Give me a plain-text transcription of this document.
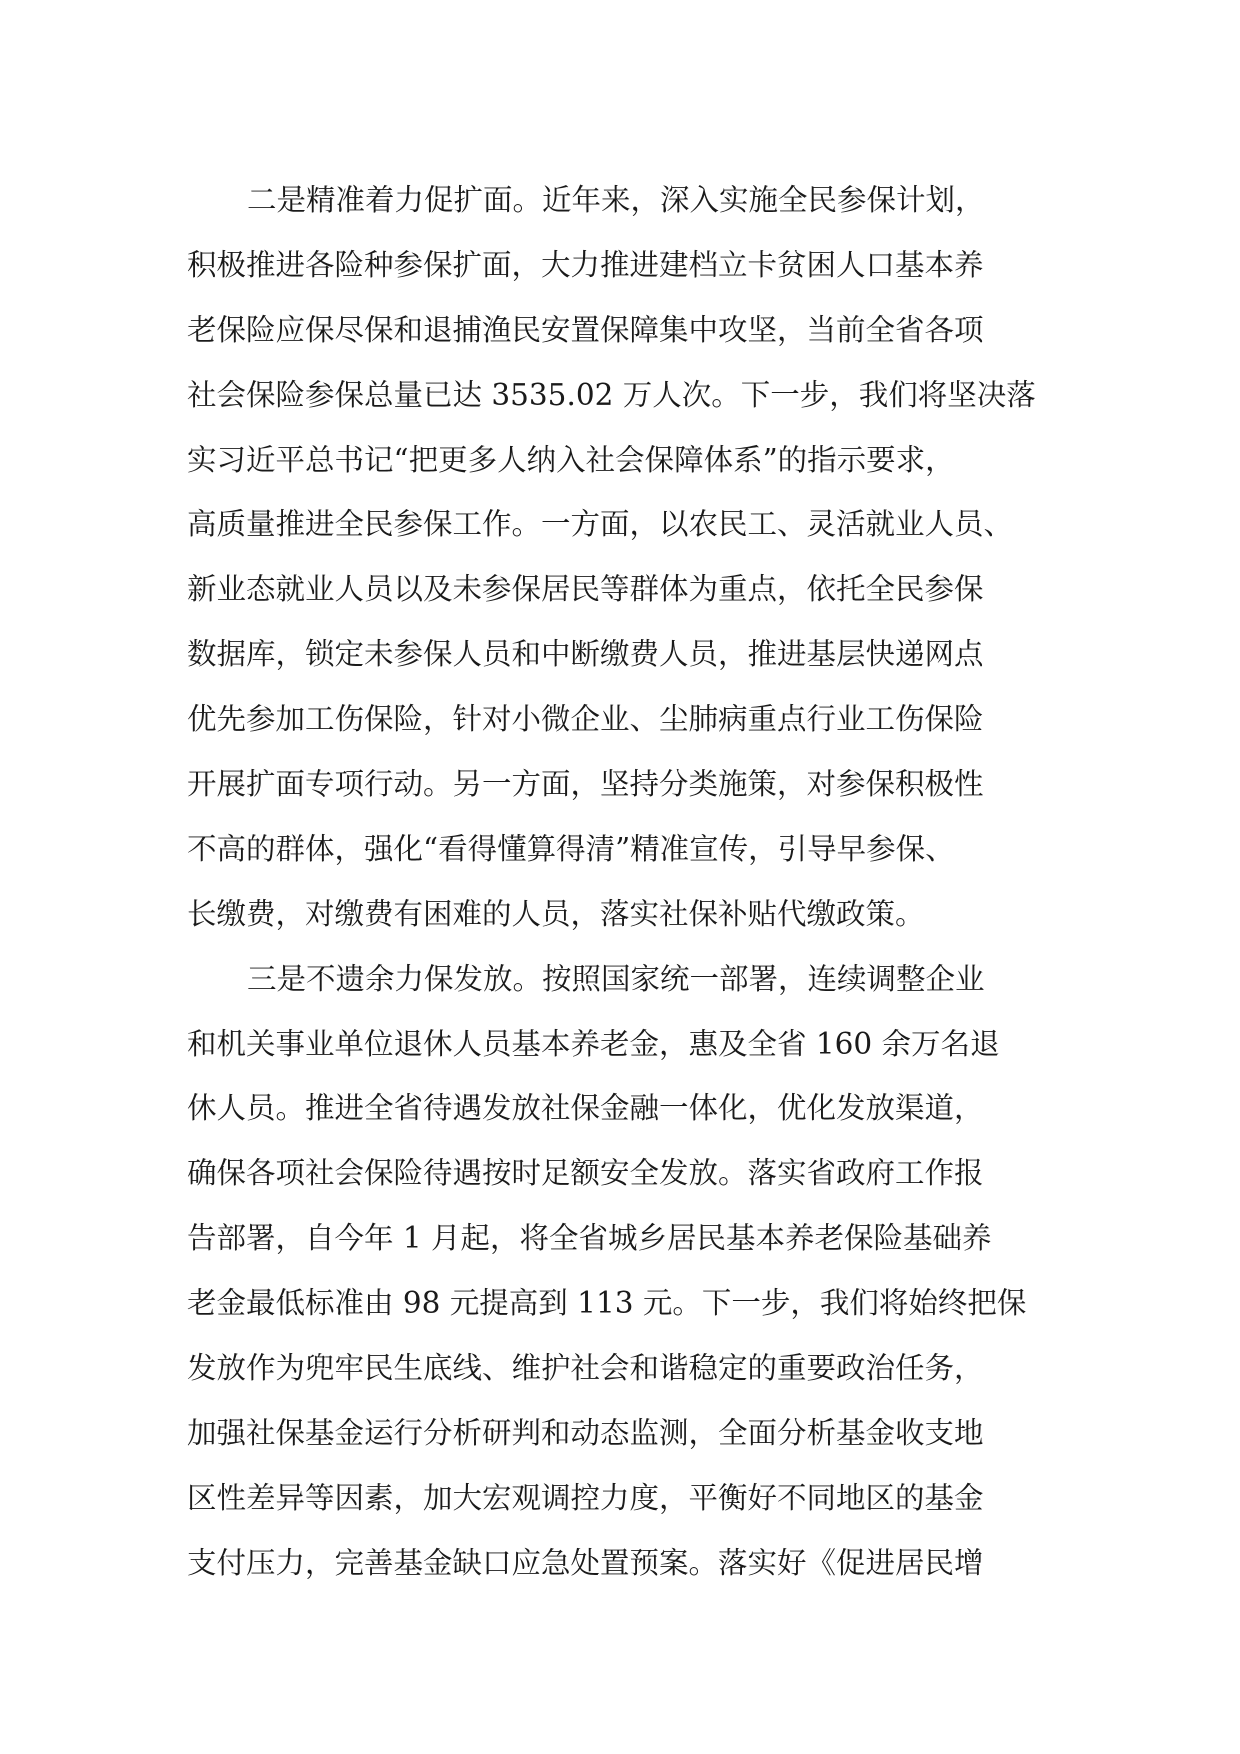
二是精准着力促扩面。近年来，深入实施全民参保计划，
积极推进各险种参保扩面，大力推进建档立卡贫困人口基本养
老保险应保尽保和退捕渔民安置保障集中攻坚，当前全省各项
社会保险参保总量已达 3535.02 万人次。下一步，我们将坚决落
实习近平总书记“把更多人纳入社会保障体系”的指示要求，
高质量推进全民参保工作。一方面，以农民工、灵活就业人员、
新业态就业人员以及未参保居民等群体为重点，依托全民参保
数据库，锁定未参保人员和中断缴费人员，推进基层快递网点
优先参加工伤保险，针对小微企业、尘肺病重点行业工伤保险
开展扩面专项行动。另一方面，坚持分类施策，对参保积极性
不高的群体，强化“看得懂算得清”精准宣传，引导早参保、
长缴费，对缴费有困难的人员，落实社保补贴代缴政策。
三是不遗余力保发放。按照国家统一部署，连续调整企业
和机关事业单位退休人员基本养老金，惠及全省 160 余万名退
休人员。推进全省待遇发放社保金融一体化，优化发放渠道，
确保各项社会保险待遇按时足额安全发放。落实省政府工作报
告部署，自今年 1 月起，将全省城乡居民基本养老保险基础养
老金最低标准由 98 元提高到 113 元。下一步，我们将始终把保
发放作为兜牢民生底线、维护社会和谐稳定的重要政治任务，
加强社保基金运行分析研判和动态监测，全面分析基金收支地
区性差异等因素，加大宏观调控力度，平衡好不同地区的基金
支付压力，完善基金缺口应急处置预案。落实好《促进居民增
